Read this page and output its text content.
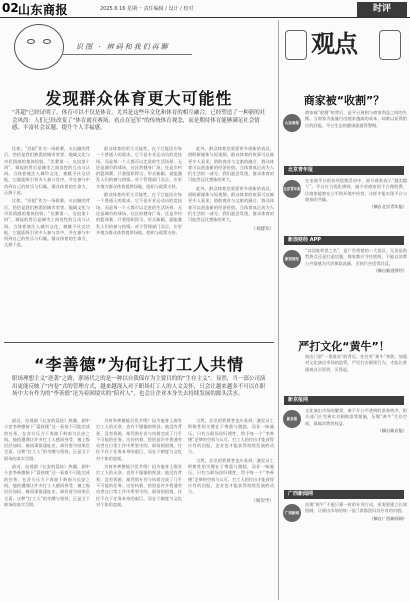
02 山东商报	2025.6.16 星期一 责任编辑 / 设计 / 校对	时评
识图 · 辨码和我们再聊
发现群众体育更大可能性

“苏超”已经证明了，体育可以不仅是体育。尤其是这些年文化和体育的相互融合，已经塑造了一种新的社会风尚：人们已经改变了“体育就在赛场、看点在冠军”的传统体育观念，而是期待体育能够满足社会情感、丰富社会议题、提升个人幸福感。

比如，“苏超”作为一场联赛，火出圈的背后，恰恰是我们熟悉的城市荣誉、地域文化与市民情感的集体投射。“比赛第一，友谊第十四”，调侃的背后是城市之间良性的互动与认同。当体育被注入城市文化，被赋予社交功能，它就能吸引更多人参与其中，并在参与中找到自己的快乐与归属。群众体育的生命力，正源于此。

比如，“苏超”作为一场联赛，火出圈的背后，恰恰是我们熟悉的城市荣誉、地域文化与市民情感的集体投射。“比赛第一，友谊第十四”，调侃的背后是城市之间良性的互动与认同。当体育被注入城市文化，被赋予社交功能，它就能吸引更多人参与其中，并在参与中找到自己的快乐与归属。群众体育的生命力，正源于此。

群众体育的更大可能性，在于它能回应每一个普通人的需求。它不是专业运动员的竞技场，而是每一个人都可以走进的生活场景。无论是城市的球场、社区的健身广场，还是乡村的篮球赛，只要组织得当、形式新颖，就能激发人们的参与热情。对于管理部门而言，应更多地为群众体育提供场地、组织与政策支持。

群众体育的更大可能性，在于它能回应每一个普通人的需求。它不是专业运动员的竞技场，而是每一个人都可以走进的生活场景。无论是城市的球场、社区的健身广场，还是乡村的篮球赛，只要组织得当、形式新颖，就能激发人们的参与热情。对于管理部门而言，应更多地为群众体育提供场地、组织与政策支持。

此外，群众体育也需要更多创新的表达。借助新媒体与短视频，群众体育的故事可以被更多人看见；借助商业与文旅的融合，群众体育可以创造新的经济价值。当体育真正成为人们生活的一部分，我们就会发现，群众体育的可能性远比想象的更大。

此外，群众体育也需要更多创新的表达。借助新媒体与短视频，群众体育的故事可以被更多人看见；借助商业与文旅的融合，群众体育可以创造新的经济价值。当体育真正成为人们生活的一部分，我们就会发现，群众体育的可能性远比想象的更大。

（刘建军）
“李善德”为何让打工人共情

职场理想主义“逆袭”之路，职场代之的是一种以自我保存为主要目的的“生存主义”。显然，当一部公司演出更能反映了“内卷”式的管理方式，越来越深入对于职场打工人的人文关怀，只会让越来越多不可以在职场中大有作为的“李善德”沦为着困境实的“陪衬人”，也会让企业本身失去持续发展的源头活水。

最近，电视剧《长安的荔枝》热播，剧中小吏李善德接下“荔枝使”这一看似不可能完成的任务，在各方压力下奔波于岭南与长安之间。他的遭遇让许多打工人感同身受：被上级层层加码、被同事推诿扯皮，却仍要为结果负全责。这种“打工人”的辛酸与坚持，正是当下职场的真实写照。

最近，电视剧《长安的荔枝》热播，剧中小吏李善德接下“荔枝使”这一看似不可能完成的任务，在各方压力下奔波于岭南与长安之间。他的遭遇让许多打工人感同身受：被上级层层加码、被同事推诿扯皮，却仍要为结果负全责。这种“打工人”的辛酸与坚持，正是当下职场的真实写照。

为何李善德能引发共鸣？因为他身上既有打工人的无奈，也有不服输的韧劲。他没有背景、没有资源，却凭借专业与执着完成了几乎不可能的任务。这份执着，恰恰是许多普通劳动者在日常工作中所坚守的。职场的困境，往往不在于任务本身的艰巨，而在于制度与文化对个体的忽视。

为何李善德能引发共鸣？因为他身上既有打工人的无奈，也有不服输的韧劲。他没有背景、没有资源，却凭借专业与执着完成了几乎不可能的任务。这份执着，恰恰是许多普通劳动者在日常工作中所坚守的。职场的困境，往往不在于任务本身的艰巨，而在于制度与文化对个体的忽视。

当然，企业的管理者也应看到，激发员工积极性的关键在于尊重与激励，而非一味施压。只有当职场回归理性，给予每一个“李善德”足够的空间与认可，打工人的付出才能获得应有的回报，企业也才能获得持续发展的动力。

当然，企业的管理者也应看到，激发员工积极性的关键在于尊重与激励，而非一味施压。只有当职场回归理性，给予每一个“李善德”足够的空间与认可，打工人的付出才能获得应有的回报，企业也才能获得持续发展的动力。

（杨崇学）
观点
商家被“收割”？
山东商报

商家被“收割”的背后，是平台规则与商家利益之间的失衡。当商家为流量付出越来越高的成本，却难以获得相应的回报，平台生态的健康就值得警惕。

北京青年报
北京青年报

在电商平台的各项促销活动中，部分商家表示“越卖越亏”。平台应当优化规则，减少对商家的不合理收费，让商家能够在公平的环境中经营，这样才能实现平台与商家的共赢。

（摘自北京青年报）

新浪财经 APP
新浪财经

“以国家荣誉之名”，是广告营销的一大误区。无论是借势热点还是打造话题，商家都应守住底线，不能以消费公共情感为代价换取流量，否则只会适得其反。

（摘自新浪财经）

严打文化“黄牛”！

演出门票“一票难求”的背后，往往有“黄牛”身影。加强对文化演出市场的监管，严厉打击倒票行为，才能让普通观众买得到、买得起。

新京报网
新京报

文化演出市场的繁荣，离不开公平透明的票务秩序。相关部门应完善实名制购票等措施，压缩“黄牛”生存空间，保障消费者权益。

（摘自新京报）

广西新闻网
广西新闻

治理“黄牛”不能只靠一时的专项行动，更需要建立长效机制，让演出市场的每一张门票都回归其应有的价值。

（摘自广西新闻网）
